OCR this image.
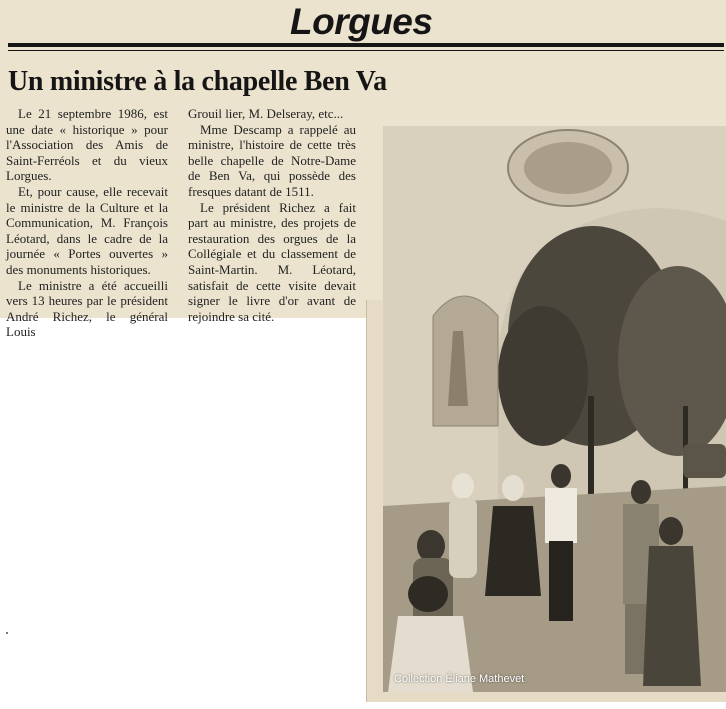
Lorgues
Un ministre à la chapelle Ben Va

Le 21 septembre 1986, est une date « historique » pour l'Association des Amis de Saint-Ferréols et du vieux Lorgues.

Et, pour cause, elle recevait le ministre de la Culture et la Communication, M. François Léotard, dans le cadre de la journée « Portes ouvertes » des monuments historiques.

Le ministre a été accueilli vers 13 heures par le président André Richez, le général Louis

Grouil lier, M. Delseray, etc...

Mme Descamp a rappelé au ministre, l'histoire de cette très belle chapelle de Notre-Dame de Ben Va, qui possède des fresques datant de 1511.

Le président Richez a fait part au ministre, des projets de restauration des orgues de la Collégiale et du classement de Saint-Martin. M. Léotard, satisfait de cette visite devait signer le livre d'or avant de rejoindre sa cité.

Collection Éliane Mathevet
